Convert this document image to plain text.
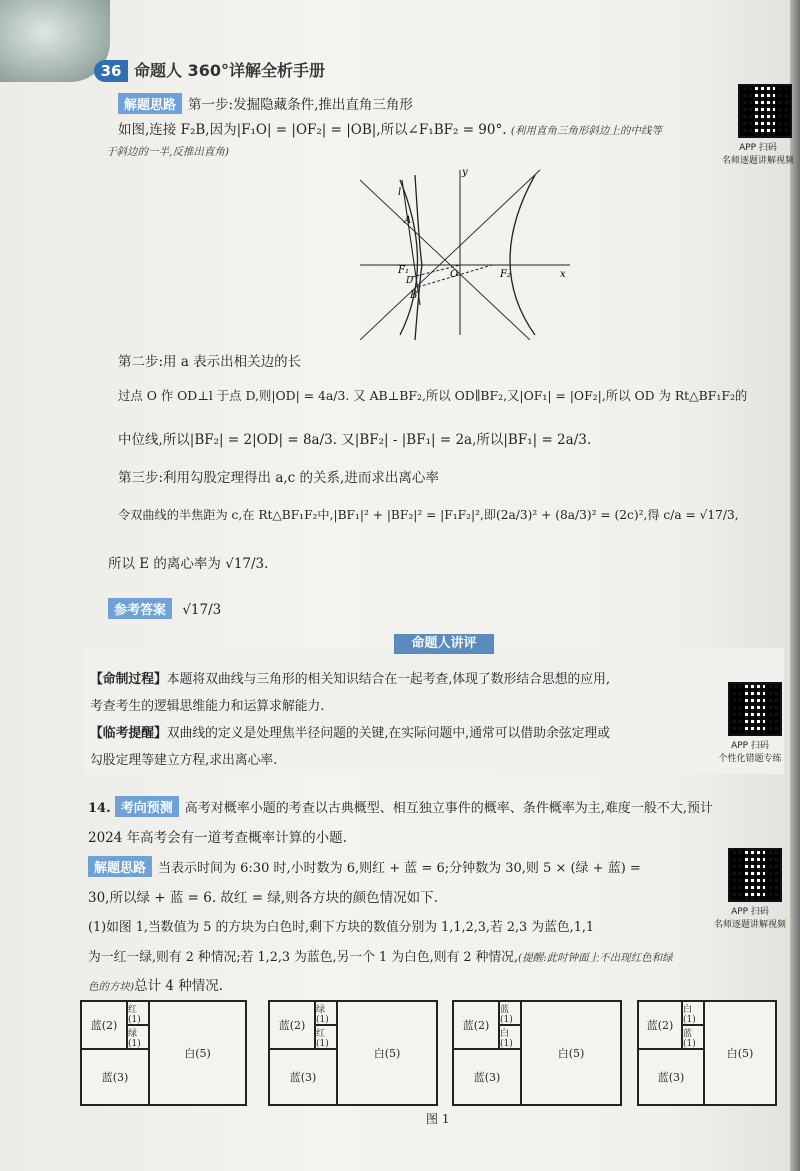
36 命题人 360°详解全析手册
解题思路 第一步:发掘隐藏条件,推出直角三角形
如图,连接 F₂B,因为|F₁O| = |OF₂| = |OB|,所以∠F₁BF₂ = 90°. (利用直角三角形斜边上的中线等
于斜边的一半,反推出直角)
l
y
x
A
B
D
O
F₁	F₂
第二步:用 a 表示出相关边的长
过点 O 作 OD⊥l 于点 D,则|OD| = 4a/3. 又 AB⊥BF₂,所以 OD∥BF₂,又|OF₁| = |OF₂|,所以 OD 为 Rt△BF₁F₂的
中位线,所以|BF₂| = 2|OD| = 8a/3. 又|BF₂| - |BF₁| = 2a,所以|BF₁| = 2a/3.
第三步:利用勾股定理得出 a,c 的关系,进而求出离心率
令双曲线的半焦距为 c,在 Rt△BF₁F₂中,|BF₁|² + |BF₂|² = |F₁F₂|²,即(2a/3)² + (8a/3)² = (2c)²,得 c/a = √17/3,
所以 E 的离心率为 √17/3.
参考答案 √17/3
APP 扫码
名师逐题讲解视频
命题人讲评
【命制过程】本题将双曲线与三角形的相关知识结合在一起考查,体现了数形结合思想的应用,
考查考生的逻辑思维能力和运算求解能力.
【临考提醒】双曲线的定义是处理焦半径问题的关键,在实际问题中,通常可以借助余弦定理或
勾股定理等建立方程,求出离心率.
APP 扫码
个性化错题专练
14. 考向预测 高考对概率小题的考查以古典概型、相互独立事件的概率、条件概率为主,难度一般不大,预计
2024 年高考会有一道考查概率计算的小题.
解题思路 当表示时间为 6:30 时,小时数为 6,则红 + 蓝 = 6;分钟数为 30,则 5 × (绿 + 蓝) =
30,所以绿 + 蓝 = 6. 故红 = 绿,则各方块的颜色情况如下.
(1)如图 1,当数值为 5 的方块为白色时,剩下方块的数值分别为 1,1,2,3,若 2,3 为蓝色,1,1
为一红一绿,则有 2 种情况;若 1,2,3 为蓝色,另一个 1 为白色,则有 2 种情况,(提醒:此时钟面上不出现红色和绿
色的方块)总计 4 种情况.
APP 扫码
名师逐题讲解视频
蓝(2)
红(1)
绿(1)
蓝(3)
白(5)
蓝(2)
绿(1)
红(1)
蓝(3)
白(5)
蓝(2)
蓝(1)
白(1)
蓝(3)
白(5)
蓝(2)
白(1)
蓝(1)
蓝(3)
白(5)
图 1
